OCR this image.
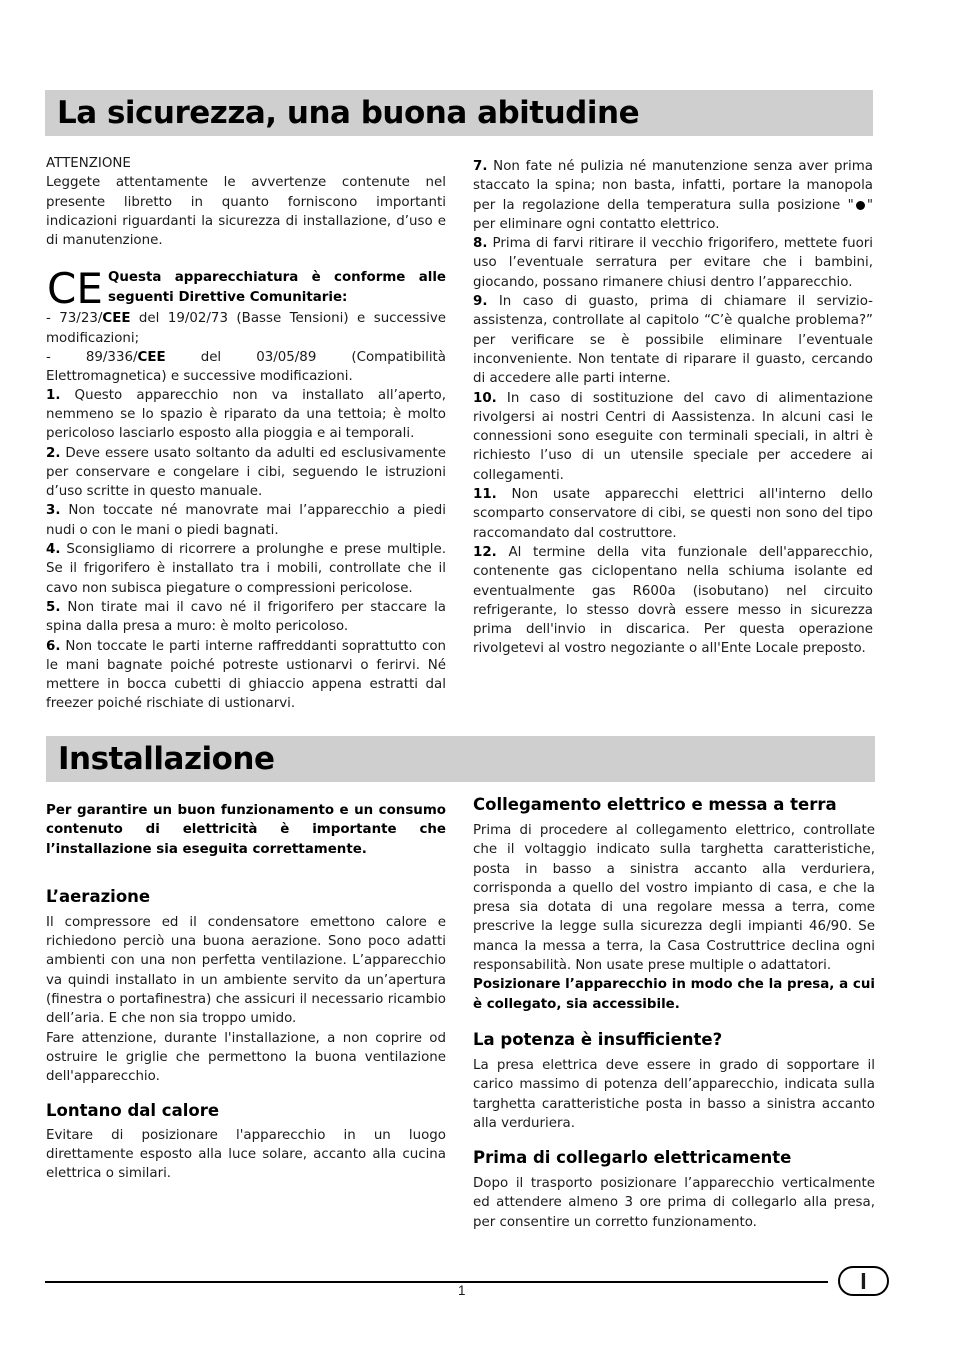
La sicurezza, una buona abitudine

ATTENZIONE

Leggete attentamente le avvertenze contenute nel presente libretto in quanto forniscono importanti indicazioni riguardanti la sicurezza di installazione, d’uso e di manutenzione.

CE Questa apparecchiatura è conforme alle seguenti Direttive Comunitarie:

- 73/23/CEE del 19/02/73 (Basse Tensioni) e successive modificazioni;

- 89/336/CEE del 03/05/89 (Compatibilità Elettromagnetica) e successive modificazioni.

1. Questo apparecchio non va installato all’aperto, nemmeno se lo spazio è riparato da una tettoia; è molto pericoloso lasciarlo esposto alla pioggia e ai temporali.

2. Deve essere usato soltanto da adulti ed esclusivamente per conservare e congelare i cibi, seguendo le istruzioni d’uso scritte in questo manuale.

3. Non toccate né manovrate mai l’apparecchio a piedi nudi o con le mani o piedi bagnati.

4. Sconsigliamo di ricorrere a prolunghe e prese multiple. Se il frigorifero è installato tra i mobili, controllate che il cavo non subisca piegature o compressioni pericolose.

5. Non tirate mai il cavo né il frigorifero per staccare la spina dalla presa a muro: è molto pericoloso.

6. Non toccate le parti interne raffreddanti soprattutto con le mani bagnate poiché potreste ustionarvi o ferirvi. Né mettere in bocca cubetti di ghiaccio appena estratti dal freezer poiché rischiate di ustionarvi.

7. Non fate né pulizia né manutenzione senza aver prima staccato la spina; non basta, infatti, portare la manopola per la regolazione della temperatura sulla posizione " " per eliminare ogni contatto elettrico.

8. Prima di farvi ritirare il vecchio frigorifero, mettete fuori uso l’eventuale serratura per evitare che i bambini, giocando, possano rimanere chiusi dentro l’apparecchio.

9. In caso di guasto, prima di chiamare il servizio-assistenza, controllate al capitolo “C’è qualche problema?” per verificare se è possibile eliminare l’eventuale inconveniente. Non tentate di riparare il guasto, cercando di accedere alle parti interne.

10. In caso di sostituzione del cavo di alimentazione rivolgersi ai nostri Centri di Aassistenza. In alcuni casi le connessioni sono eseguite con terminali speciali, in altri è richiesto l’uso di un utensile speciale per accedere ai collegamenti.

11. Non usate apparecchi elettrici all'interno dello scomparto conservatore di cibi, se questi non sono del tipo raccomandato dal costruttore.

12. Al termine della vita funzionale dell'apparecchio, contenente gas ciclopentano nella schiuma isolante ed eventualmente gas R600a (isobutano) nel circuito refrigerante, lo stesso dovrà essere messo in sicurezza prima dell'invio in discarica. Per questa operazione rivolgetevi al vostro negoziante o all'Ente Locale preposto.

Installazione

Per garantire un buon funzionamento e un consumo contenuto di elettricità è importante che l’installazione sia eseguita correttamente.

L’aerazione

Il compressore ed il condensatore emettono calore e richiedono perciò una buona aerazione. Sono poco adatti ambienti con una non perfetta ventilazione. L’apparecchio va quindi installato in un ambiente servito da un’apertura (finestra o portafinestra) che assicuri il necessario ricambio dell’aria. E che non sia troppo umido.

Fare attenzione, durante l'installazione, a non coprire od ostruire le griglie che permettono la buona ventilazione dell'apparecchio.

Lontano dal calore

Evitare di posizionare l'apparecchio in un luogo direttamente esposto alla luce solare, accanto alla cucina elettrica o similari.

Collegamento elettrico e messa a terra

Prima di procedere al collegamento elettrico, controllate che il voltaggio indicato sulla targhetta caratteristiche, posta in basso a sinistra accanto alla verduriera, corrisponda a quello del vostro impianto di casa, e che la presa sia dotata di una regolare messa a terra, come prescrive la legge sulla sicurezza degli impianti 46/90. Se manca la messa a terra, la Casa Costruttrice declina ogni responsabilità. Non usate prese multiple o adattatori.

Posizionare l’apparecchio in modo che la presa, a cui è collegato, sia accessibile.

La potenza è insufficiente?

La presa elettrica deve essere in grado di sopportare il carico massimo di potenza dell’apparecchio, indicata sulla targhetta caratteristiche posta in basso a sinistra accanto alla verduriera.

Prima di collegarlo elettricamente

Dopo il trasporto posizionare l’apparecchio verticalmente ed attendere almeno 3 ore prima di collegarlo alla presa, per consentire un corretto funzionamento.

1	I
